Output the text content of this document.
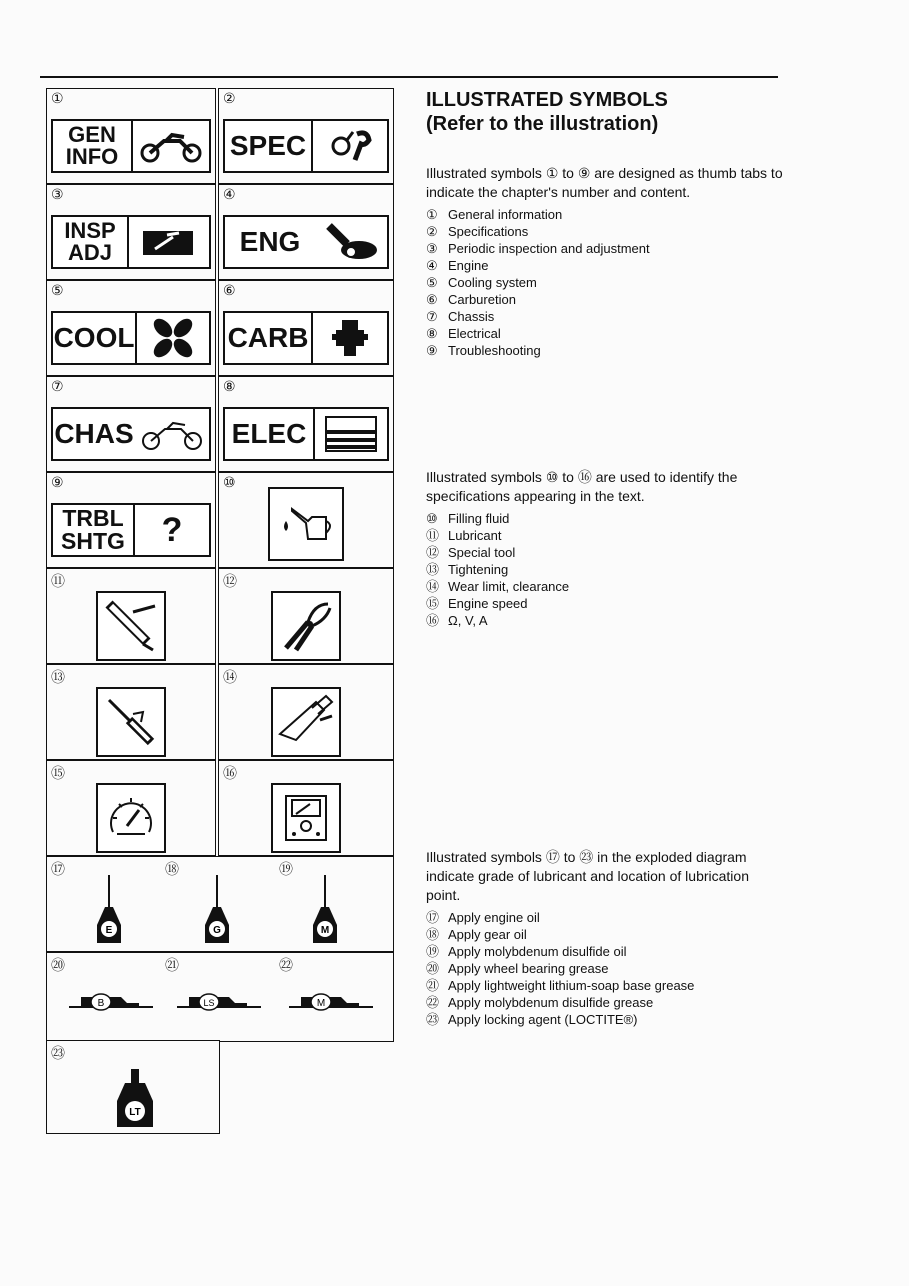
①
GEN
INFO
②
SPEC
③
INSP
ADJ
④
ENG
⑤
COOL
⑥
CARB
⑦
CHAS
⑧
ELEC
⑨
TRBL
SHTG	?
⑩
⑪	⑫
⑬	⑭
⑮	⑯
⑰	⑱	⑲
E	G	M
⑳	㉑	㉒
B	LS	M
㉓
LT
ILLUSTRATED SYMBOLS
(Refer to the illustration)

Illustrated symbols ① to ⑨ are designed as thumb tabs to indicate the chapter's number and content.

① General information
② Specifications
③ Periodic inspection and adjustment
④ Engine
⑤ Cooling system
⑥ Carburetion
⑦ Chassis
⑧ Electrical
⑨ Troubleshooting

Illustrated symbols ⑩ to ⑯ are used to identify the specifications appearing in the text.

⑩ Filling fluid
⑪ Lubricant
⑫ Special tool
⑬ Tightening
⑭ Wear limit, clearance
⑮ Engine speed
⑯ Ω, V, A

Illustrated symbols ⑰ to ㉓ in the exploded diagram indicate grade of lubricant and location of lubrication point.

⑰ Apply engine oil
⑱ Apply gear oil
⑲ Apply molybdenum disulfide oil
⑳ Apply wheel bearing grease
㉑ Apply lightweight lithium-soap base grease
㉒ Apply molybdenum disulfide grease
㉓ Apply locking agent (LOCTITE®)
